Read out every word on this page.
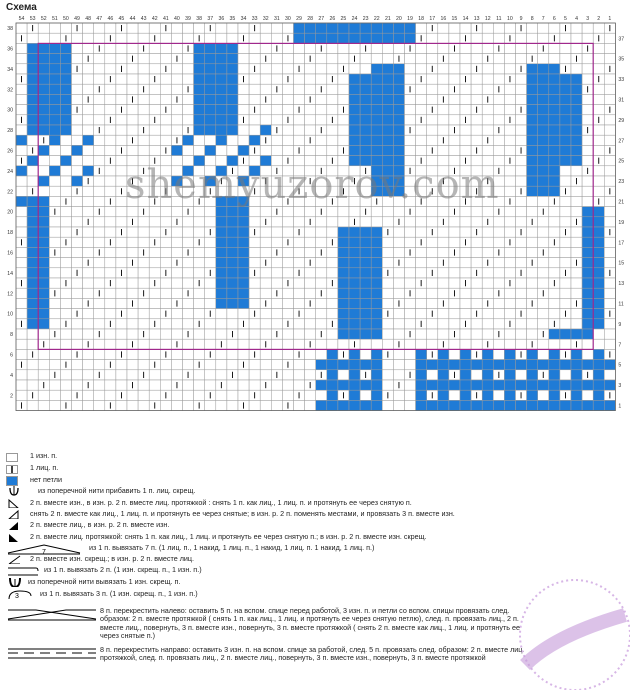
Схема
54 53 52 51 50 49 48 47 46 45 44 43 42 41 40 39 38 37 36 35 34 33 32 31 30 29 28 27 26 25 24 23 22 21 20 19 18 17 16 15 14 13 12 11 10 9 8 7 6 5 4 3 2 1
38
36
34
32
30
28
26
24
22
20
18
16
14
12
10
8
6
4
2
37
35
33
31
29
27
25
23
21
19
17
15
13
11
9
7
5
3
1
shemyuzorov.com
1 изн. п.
1 лиц. п.
нет петли
из поперечной нити прибавить 1 п. лиц. скрещ.
2 п. вместе изн., в изн. р. 2 п. вместе лиц. протяжкой : снять 1 п. как лиц., 1 лиц. п. и протянуть ее через снятую п.
снять 2 п. вместе как лиц., 1 лиц. п. и протянуть ее через снятые; в изн. р. 2 п. поменять местами, и провязать 3 п. вместе изн.
2 п. вместе лиц., в изн. р. 2 п. вместе изн.
2 п. вместе лиц. протяжкой: снять 1 п. как лиц., 1 лиц. и протянуть ее через снятую п.; в изн. р. 2 п. вместе изн. скрещ.
7
из 1 п. вывязать 7 п. (1 лиц. п., 1 накид, 1 лиц. п., 1 накид, 1 лиц. п. 1 накид, 1 лиц. п.)
2 п. вместе изн. скрещ.; в изн. р. 2 п. вместе лиц.
из 1 п. вывязать 2 п. (1 изн. скрещ. п., 1 изн. п.)
из поперечной нити вывязать 1 изн. скрещ. п.
3	из 1 п. вывязать 3 п. (1 изн. скрещ. п., 1 изн. п.)
8 п. перекрестить налево: оставить 5 п. на вспом. спице перед работой, 3 изн. п. и петли со вспом. спицы провязать след. образом: 2 п. вместе протяжкой ( снять 1 п. как лиц., 1 лиц. и протянуть ее через снятую петлю), след. п. провязать лиц., 2 п. вместе лиц., повернуть, 3 п. вместе изн., повернуть, 3 п. вместе протяжкой ( снять 2 п. вместе как лиц., 1 лиц. и протянуть ее через снятые п.)
8 п. перекрестить направо: оставить 3 изн. п. на вспом. спице за работой, след. 5 п. провязать след. образом: 2 п. вместе лиц. протяжкой, след. п. провязать лиц., 2 п. вместе лиц., повернуть, 3 п. вместе изн., повернуть, 3 п. вместе протяжкой
